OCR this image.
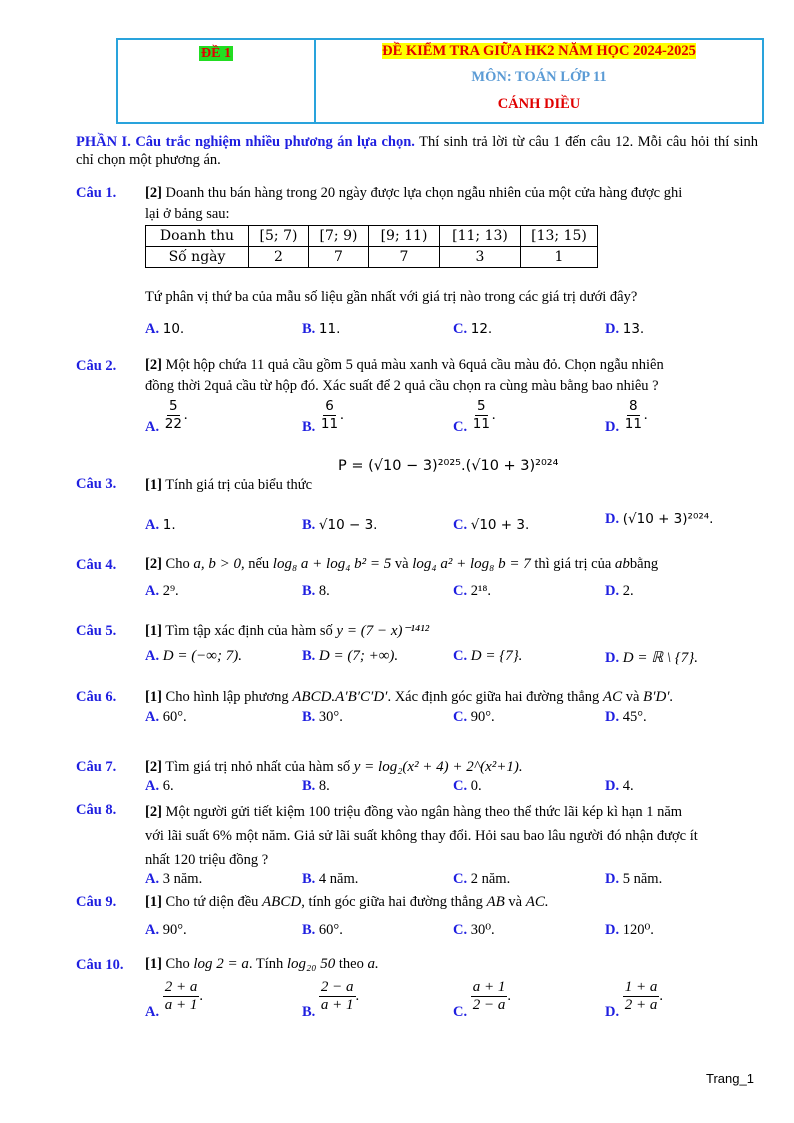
ĐỀ 1	ĐỀ KIỂM TRA GIỮA HK2 NĂM HỌC 2024-2025
MÔN: TOÁN LỚP 11
CÁNH DIỀU
PHẦN I. Câu trắc nghiệm nhiều phương án lựa chọn. Thí sinh trả lời từ câu 1 đến câu 12. Mỗi câu hỏi thí sinh chỉ chọn một phương án.
Câu 1. [2] Doanh thu bán hàng trong 20 ngày được lựa chọn ngẫu nhiên của một cửa hàng được ghi
lại ở bảng sau:
Doanh thu	[5; 7)	[7; 9)	[9; 11)	[11; 13)	[13; 15)
Số ngày	2	7	7	3	1
Tứ phân vị thứ ba của mẫu số liệu gần nhất với giá trị nào trong các giá trị dưới đây?
A. 10.	B. 11.	C. 12.	D. 13.
Câu 2. [2] Một hộp chứa 11 quả cầu gồm 5 quả màu xanh và 6quả cầu màu đỏ. Chọn ngẫu nhiên
đồng thời 2quả cầu từ hộp đó. Xác suất để 2 quả cầu chọn ra cùng màu bằng bao nhiêu ?
A. $\frac{5}{22}$ .
B. $\frac{6}{11}$ .
C. $\frac{5}{11}$ .
D. $\frac{8}{11}$ .
Câu 3. [1] Tính giá trị của biểu thức
P = (√10 − 3)²⁰²⁵.(√10 + 3)²⁰²⁴
A. 1.	B. √10 − 3.	C. √10 + 3.	D. (√10 + 3)²⁰²⁴.
Câu 4. [2] Cho a, b > 0, nếu log₈ a + log₄ b² = 5 và log₄ a² + log₈ b = 7 thì giá trị của abbằng
A. 2⁹.	B. 8.	C. 2¹⁸.	D. 2.
Câu 5. [1] Tìm tập xác định của hàm số y = (7 − x)⁻¹⁴¹²
A. D = (−∞; 7).	B. D = (7; +∞).	C. D = {7}.	D. D = ℝ \ {7}.
Câu 6. [1] Cho hình lập phương ABCD.A′B′C′D′. Xác định góc giữa hai đường thẳng AC và B′D′.
A. 60°.	B. 30°.	C. 90°.	D. 45°.
Câu 7. [2] Tìm giá trị nhỏ nhất của hàm số y = log₂(x² + 4) + 2^(x²+1).
A. 6.	B. 8.	C. 0.	D. 4.
Câu 8. [2] Một người gửi tiết kiệm 100 triệu đồng vào ngân hàng theo thể thức lãi kép kì hạn 1 năm
với lãi suất 6% một năm. Giả sử lãi suất không thay đổi. Hỏi sau bao lâu người đó nhận được ít
nhất 120 triệu đồng ?
A. 3 năm.	B. 4 năm.	C. 2 năm.	D. 5 năm.
Câu 9. [1] Cho tứ diện đều ABCD, tính góc giữa hai đường thẳng AB và AC.
A. 90°.	B. 60°.	C. 30⁰.	D. 120⁰.
Câu 10. [1] Cho log 2 = a. Tính log₂₀ 50 theo a.
A. $\frac{2 + a}{a + 1}$ .
B. $\frac{2 - a}{a + 1}$ .
C. $\frac{a + 1}{2 - a}$ .
D. $\frac{1 + a}{2 + a}$ .
Trang_1
